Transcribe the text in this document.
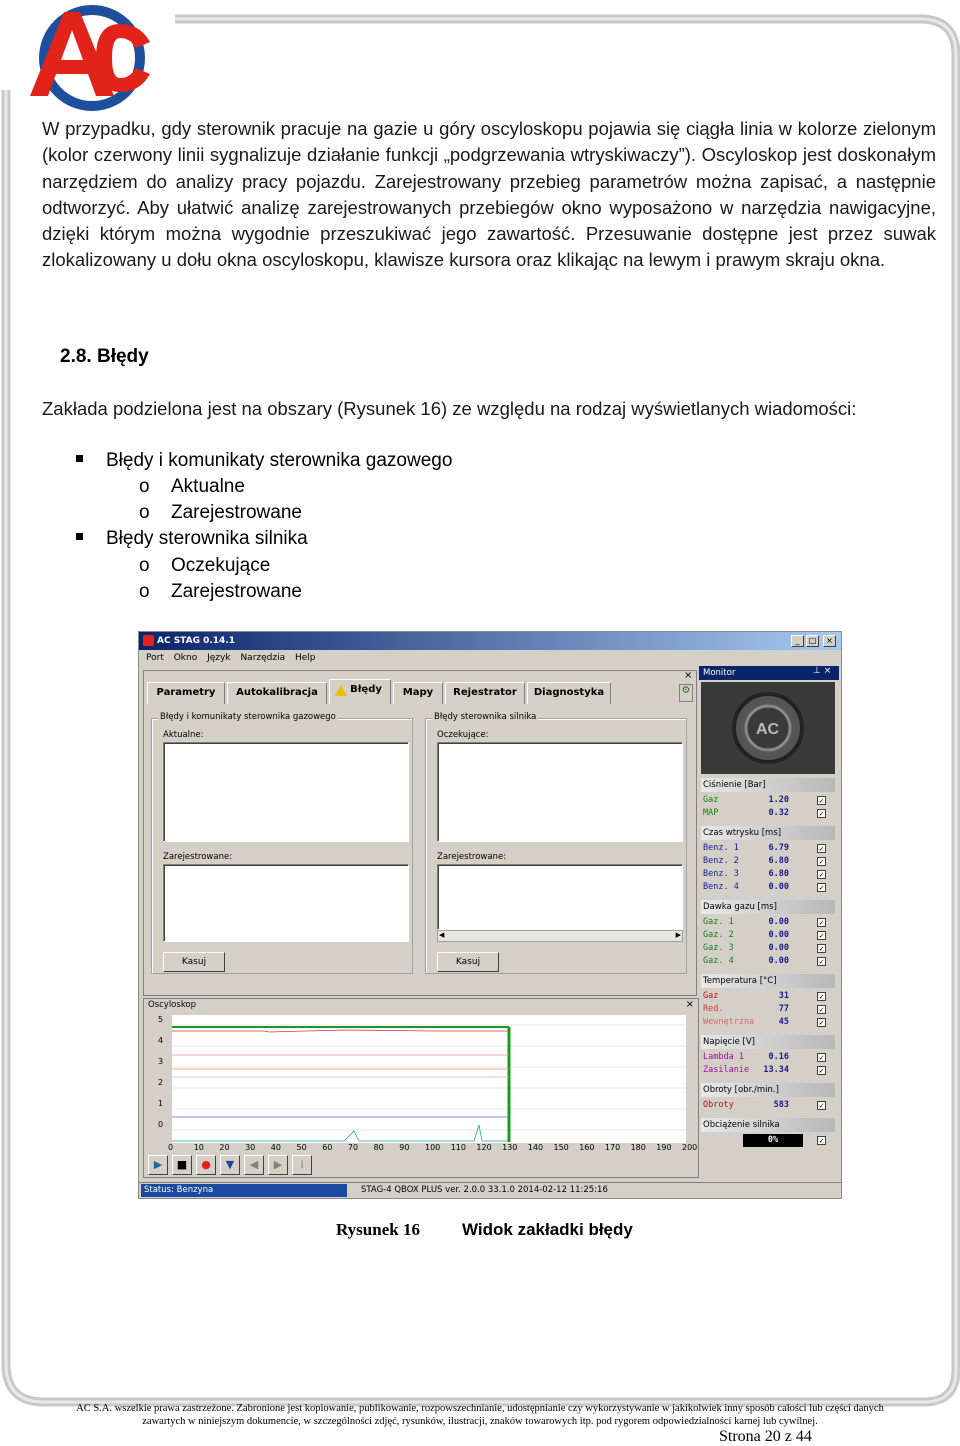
AC
W przypadku, gdy sterownik pracuje na gazie u góry oscyloskopu pojawia się ciągła linia w kolorze zielonym (kolor czerwony linii sygnalizuje działanie funkcji „podgrzewania wtryskiwaczy”). Oscyloskop jest doskonałym narzędziem do analizy pracy pojazdu. Zarejestrowany przebieg parametrów można zapisać, a następnie odtworzyć. Aby ułatwić analizę zarejestrowanych przebiegów okno wyposażono w narzędzia nawigacyjne, dzięki którym można wygodnie przeszukiwać jego zawartość. Przesuwanie dostępne jest przez suwak zlokalizowany u dołu okna oscyloskopu, klawisze kursora oraz klikając na lewym i prawym skraju okna.
2.8. Błędy
Zakłada podzielona jest na obszary (Rysunek 16) ze względu na rodzaj wyświetlanych wiadomości:
Błędy i komunikaty sterownika gazowego
o Aktualne
o Zarejestrowane
Błędy sterownika silnika
o Oczekujące
o Zarejestrowane
AC STAG 0.14.1	_	□	×
Port Okno Język Narzędzia Help
×
Parametry	Autokalibracja	Błędy	Mapy	Rejestrator	Diagnostyka	⚙
Błędy i komunikaty sterownika gazowego
Aktualne:
Zarejestrowane:
Kasuj
Błędy sterownika silnika
Oczekujące:
Zarejestrowane:
◀	▶
Kasuj
Oscyloskop	×
5
4
3
2
1
0
0	10 20 30 40 50 60 70 80 90 100 110 120 130 140 150 160 170 180 190 200
▶	■	●	▼	◀	▶	i
Monitor	⊥ ×
AC
Ciśnienie [Bar]
Gaz	1.20	✓
MAP	0.32	✓
Czas wtrysku [ms]
Benz. 1	6.79	✓
Benz. 2	6.80	✓
Benz. 3	6.80	✓
Benz. 4	0.00	✓
Dawka gazu [ms]
Gaz. 1	0.00	✓
Gaz. 2	0.00	✓
Gaz. 3	0.00	✓
Gaz. 4	0.00	✓
Temperatura [°C]
Gaz	31	✓
Red.	77	✓
Wewnętrzna	45	✓
Napięcie [V]
Lambda 1	0.16	✓
Zasilanie	13.34	✓
Obroty [obr./min.]
Obroty	583	✓
Obciążenie silnika
0%	✓
Status: Benzyna	STAG-4 QBOX PLUS ver. 2.0.0 33.1.0 2014-02-12 11:25:16
Rysunek 16 Widok zakładki błędy
AC S.A. wszelkie prawa zastrzeżone. Zabronione jest kopiowanie, publikowanie, rozpowszechnianie, udostępnianie czy wykorzystywanie w jakikolwiek inny sposób całości lub części danych
zawartych w niniejszym dokumencie, w szczególności zdjęć, rysunków, ilustracji, znaków towarowych itp. pod rygorem odpowiedzialności karnej lub cywilnej.
Strona 20 z 44
